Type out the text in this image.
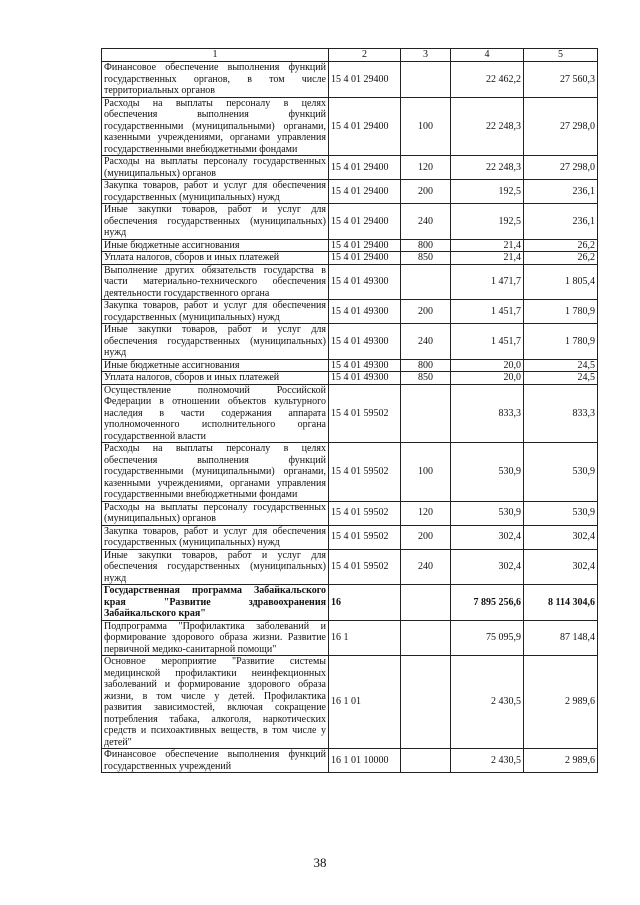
1	2	3	4	5
Финансовое обеспечение выполнения функций государственных органов, в том числе территориальных органов	15 4 01 29400		22 462,2	27 560,3
Расходы на выплаты персоналу в целях обеспечения выполнения функций государственными (муниципальными) органами, казенными учреждениями, органами управления государственными внебюджетными фондами	15 4 01 29400	100	22 248,3	27 298,0
Расходы на выплаты персоналу государственных (муниципальных) органов	15 4 01 29400	120	22 248,3	27 298,0
Закупка товаров, работ и услуг для обеспечения государственных (муниципальных) нужд	15 4 01 29400	200	192,5	236,1
Иные закупки товаров, работ и услуг для обеспечения государственных (муниципальных) нужд	15 4 01 29400	240	192,5	236,1
Иные бюджетные ассигнования	15 4 01 29400	800	21,4	26,2
Уплата налогов, сборов и иных платежей	15 4 01 29400	850	21,4	26,2
Выполнение других обязательств государства в части материально-технического обеспечения деятельности государственного органа	15 4 01 49300		1 471,7	1 805,4
Закупка товаров, работ и услуг для обеспечения государственных (муниципальных) нужд	15 4 01 49300	200	1 451,7	1 780,9
Иные закупки товаров, работ и услуг для обеспечения государственных (муниципальных) нужд	15 4 01 49300	240	1 451,7	1 780,9
Иные бюджетные ассигнования	15 4 01 49300	800	20,0	24,5
Уплата налогов, сборов и иных платежей	15 4 01 49300	850	20,0	24,5
Осуществление полномочий Российской Федерации в отношении объектов культурного наследия в части содержания аппарата уполномоченного исполнительного органа государственной власти	15 4 01 59502		833,3	833,3
Расходы на выплаты персоналу в целях обеспечения выполнения функций государственными (муниципальными) органами, казенными учреждениями, органами управления государственными внебюджетными фондами	15 4 01 59502	100	530,9	530,9
Расходы на выплаты персоналу государственных (муниципальных) органов	15 4 01 59502	120	530,9	530,9
Закупка товаров, работ и услуг для обеспечения государственных (муниципальных) нужд	15 4 01 59502	200	302,4	302,4
Иные закупки товаров, работ и услуг для обеспечения государственных (муниципальных) нужд	15 4 01 59502	240	302,4	302,4
Государственная программа Забайкальского края "Развитие здравоохранения Забайкальского края"	16		7 895 256,6	8 114 304,6
Подпрограмма "Профилактика заболеваний и формирование здорового образа жизни. Развитие первичной медико-санитарной помощи"	16 1		75 095,9	87 148,4
Основное мероприятие "Развитие системы медицинской профилактики неинфекционных заболеваний и формирование здорового образа жизни, в том числе у детей. Профилактика развития зависимостей, включая сокращение потребления табака, алкоголя, наркотических средств и психоактивных веществ, в том числе у детей"	16 1 01		2 430,5	2 989,6
Финансовое обеспечение выполнения функций государственных учреждений	16 1 01 10000		2 430,5	2 989,6
38
